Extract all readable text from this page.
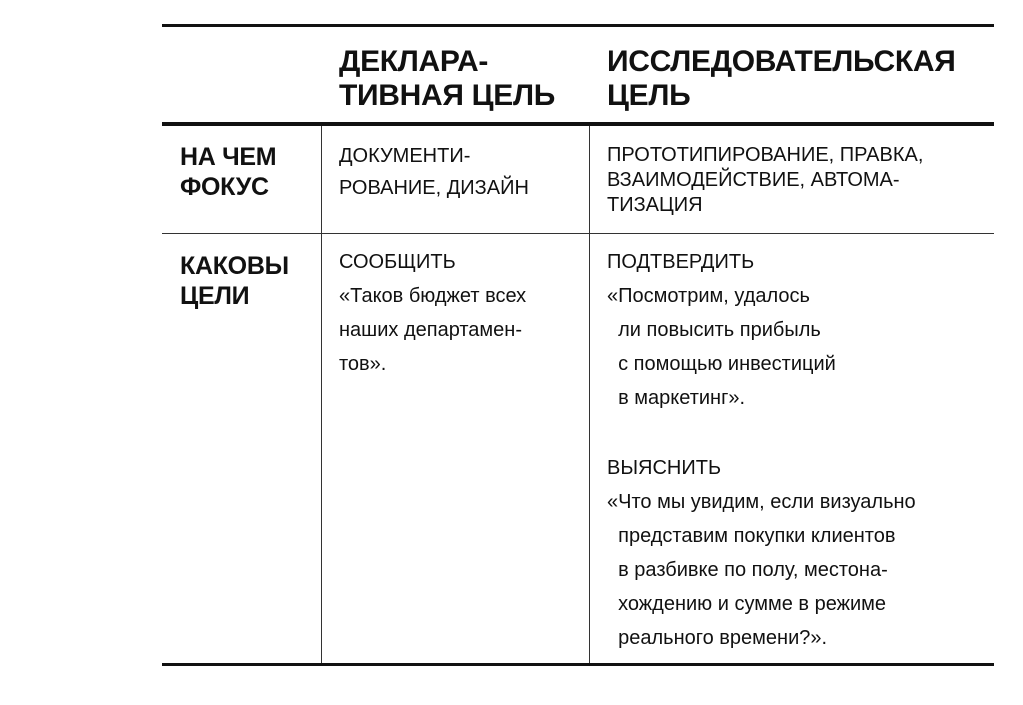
ДЕКЛАРА-
ТИВНАЯ ЦЕЛЬ
ИССЛЕДОВАТЕЛЬСКАЯ
ЦЕЛЬ
НА ЧЕМ
ФОКУС
ДОКУМЕНТИ-
РОВАНИЕ, ДИЗАЙН
ПРОТОТИПИРОВАНИЕ, ПРАВКА,
ВЗАИМОДЕЙСТВИЕ, АВТОМА-
ТИЗАЦИЯ
КАКОВЫ
ЦЕЛИ
СООБЩИТЬ
«Таков бюджет всех
наших департамен-
тов».
ПОДТВЕРДИТЬ
«Посмотрим, удалось
ли повысить прибыль
с помощью инвестиций
в маркетинг».
ВЫЯСНИТЬ
«Что мы увидим, если визуально
представим покупки клиентов
в разбивке по полу, местона-
хождению и сумме в режиме
реального времени?».
